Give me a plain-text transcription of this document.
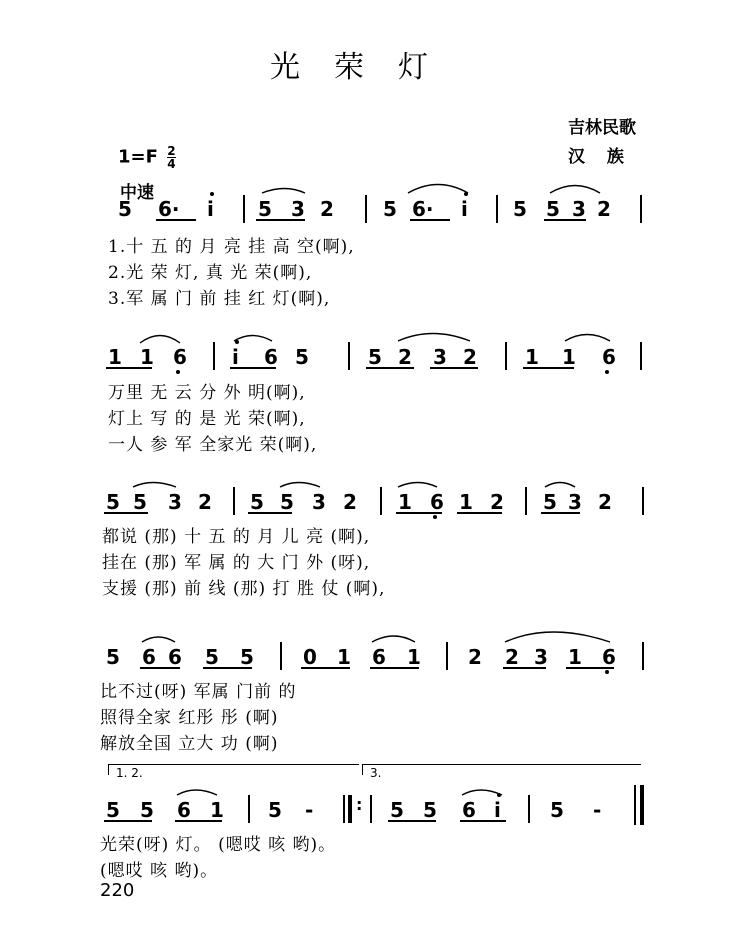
光荣灯
吉林民歌
汉 族
$1=F \frac{2}{4}$
中速
5 6· i 5 3 2 5 6· i 5 5 3 2
1.十 五 的 月 亮 挂 高 空(啊),
2.光 荣 灯, 真 光 荣(啊),
3.军 属 门 前 挂 红 灯(啊),
1 1 6 i 6 5	5 2 3 2 1 1 6
万里 无 云 分 外 明(啊),
灯上 写 的 是 光 荣(啊),
一人 参 军 全家光 荣(啊),
5 5 3 2 5 5 3 2 1 6 1 2 5 3 2
都说 (那) 十 五 的 月 儿 亮 (啊),
挂在 (那) 军 属 的 大 门 外 (呀),
支援 (那) 前 线 (那) 打 胜 仗 (啊),
5 6 6 5 5 0 1 6 1 2 2 3 1 6
比不过(呀) 军属 门前 的
照得全家 红彤 彤 (啊)
解放全国 立大 功 (啊)
1. 2.	3.
5 5 6 1 5 -	: 5 5 6 i 5 -
光荣(呀) 灯。 (嗯哎 咳 哟)。
(嗯哎 咳 哟)。
220
